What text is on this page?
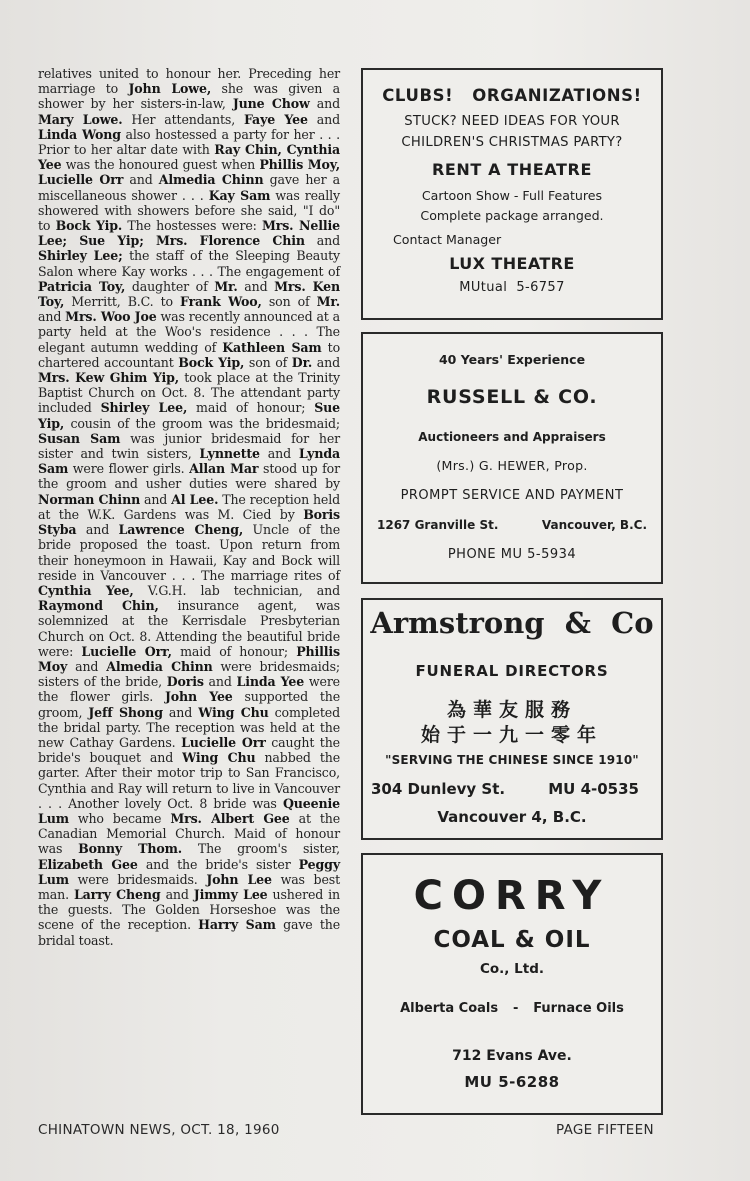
relatives united to honour her. Preceding her marriage to John Lowe, she was given a shower by her sisters-in-law, June Chow and Mary Lowe. Her attendants, Faye Yee and Linda Wong also hostessed a party for her . . . Prior to her altar date with Ray Chin, Cynthia Yee was the honoured guest when Phillis Moy, Lucielle Orr and Almedia Chinn gave her a miscellaneous shower . . . Kay Sam was really showered with showers before she said, "I do" to Bock Yip. The hostesses were: Mrs. Nellie Lee; Sue Yip; Mrs. Florence Chin and Shirley Lee; the staff of the Sleeping Beauty Salon where Kay works . . . The engagement of Patricia Toy, daughter of Mr. and Mrs. Ken Toy, Merritt, B.C. to Frank Woo, son of Mr. and Mrs. Woo Joe was recently announced at a party held at the Woo's residence . . . The elegant autumn wedding of Kathleen Sam to chartered accountant Bock Yip, son of Dr. and Mrs. Kew Ghim Yip, took place at the Trinity Baptist Church on Oct. 8. The attendant party included Shirley Lee, maid of honour; Sue Yip, cousin of the groom was the bridesmaid; Susan Sam was junior bridesmaid for her sister and twin sisters, Lynnette and Lynda Sam were flower girls. Allan Mar stood up for the groom and usher duties were shared by Norman Chinn and Al Lee. The reception held at the W.K. Gardens was M. Cied by Boris Styba and Lawrence Cheng, Uncle of the bride proposed the toast. Upon return from their honeymoon in Hawaii, Kay and Bock will reside in Vancouver . . . The marriage rites of Cynthia Yee, V.G.H. lab technician, and Raymond Chin, insurance agent, was solemnized at the Kerrisdale Presbyterian Church on Oct. 8. Attending the beautiful bride were: Lucielle Orr, maid of honour; Phillis Moy and Almedia Chinn were bridesmaids; sisters of the bride, Doris and Linda Yee were the flower girls. John Yee supported the groom, Jeff Shong and Wing Chu completed the bridal party. The reception was held at the new Cathay Gardens. Lucielle Orr caught the bride's bouquet and Wing Chu nabbed the garter. After their motor trip to San Francisco, Cynthia and Ray will return to live in Vancouver . . . Another lovely Oct. 8 bride was Queenie Lum who became Mrs. Albert Gee at the Canadian Memorial Church. Maid of honour was Bonny Thom. The groom's sister, Elizabeth Gee and the bride's sister Peggy Lum were bridesmaids. John Lee was best man. Larry Cheng and Jimmy Lee ushered in the guests. The Golden Horseshoe was the scene of the reception. Harry Sam gave the bridal toast.
CLUBS!   ORGANIZATIONS!
STUCK? NEED IDEAS FOR YOUR
CHILDREN'S CHRISTMAS PARTY?
RENT A THEATRE
Cartoon Show - Full Features
Complete package arranged.
Contact Manager
LUX THEATRE
MUtual  5-6757
40 Years' Experience
RUSSELL & CO.
Auctioneers and Appraisers
(Mrs.) G. HEWER, Prop.
PROMPT SERVICE AND PAYMENT
1267 Granville St.	Vancouver, B.C.
PHONE MU 5-5934
Armstrong  &  Co
FUNERAL DIRECTORS
為華友服務
始于一九一零年
"SERVING THE CHINESE SINCE 1910"
304 Dunlevy St.	MU 4-0535
Vancouver 4, B.C.
CORRY
COAL & OIL
Co., Ltd.
Alberta Coals - Furnace Oils
712 Evans Ave.
MU 5-6288
CHINATOWN NEWS, OCT. 18, 1960	PAGE FIFTEEN
